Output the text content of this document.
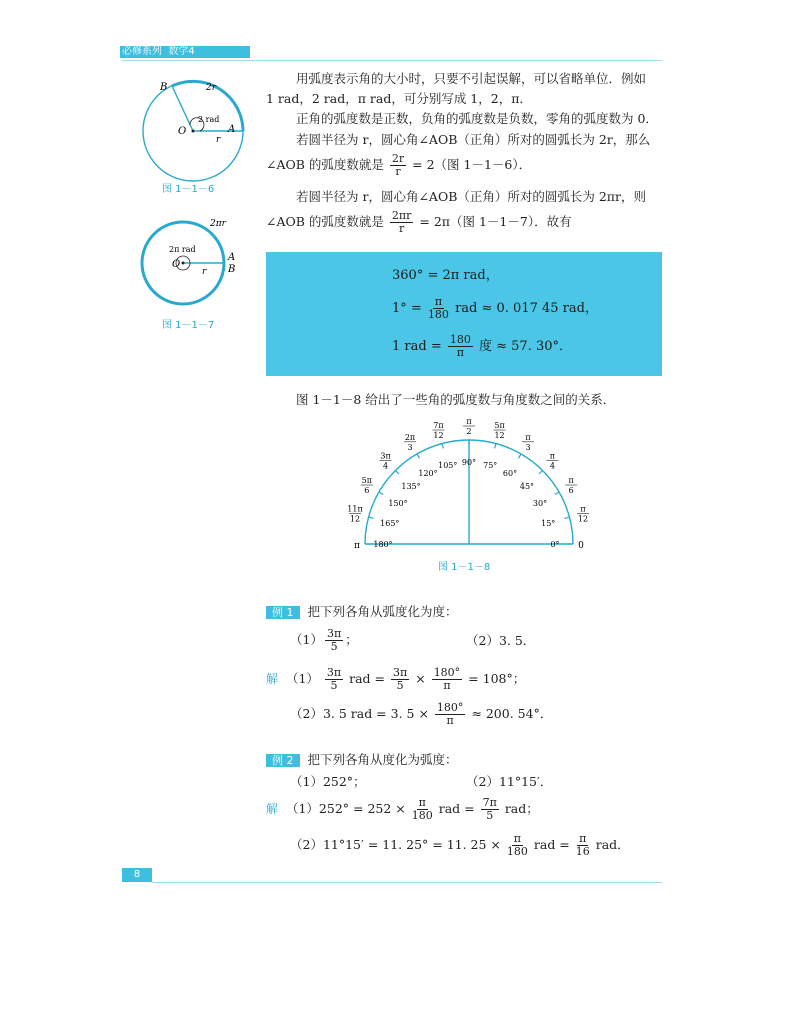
必修系列 数学4
B
A
O
2r
r
2 rad
图 1－1－6
2πr
2π rad
O
r
A
B
图 1－1－7
用弧度表示角的大小时，只要不引起误解，可以省略单位．例如
1 rad，2 rad，π rad，可分别写成 1，2，π．
正角的弧度数是正数，负角的弧度数是负数，零角的弧度数为 0．
若圆半径为 r，圆心角∠AOB（正角）所对的圆弧长为 2r，那么
∠AOB 的弧度数就是 $\frac{2r}{r} = 2$（图 1－1－6）．
若圆半径为 r，圆心角∠AOB（正角）所对的圆弧长为 2πr，则
∠AOB 的弧度数就是 $\frac{2\pi r}{r} = 2\pi$（图 1－1－7）．故有
360° = 2π rad，
$1^\circ = \frac{\pi}{180}$ rad ≈ 0. 017 45 rad，
1 rad = $\frac{180}{\pi}$ 度 ≈ 57. 30°．
图 1－1－8 给出了一些角的弧度数与角度数之间的关系．
0° 0
15°
π
12
30°
π
6
45°
π
4
60°
π
3
75°
5π
12
90°
π
2
105°
7π
12
120°
2π
3
135°
3π
4
150°
5π
6
165°
11π
12
180°
π
图 1－1－8
例 1 把下列各角从弧度化为度：
$(1) \frac{3\pi}{5}$ ；	（2）3. 5．
解 $(1) \frac{3\pi}{5}$ rad = $\frac{3\pi}{5} \times \frac{180^\circ}{\pi} = 108^\circ$；
（2）3. 5 rad = 3. $5 \times \frac{180^\circ}{\pi} \approx 200$. 54°．
例 2 把下列各角从度化为弧度：
（1）252°；	（2）11°15′．
解 $(1)252^\circ = 252 \times \frac{\pi}{180}$ rad = $\frac{7\pi}{5}$ rad；
（2）11°15′ = 11. 25° = 11. $25 \times \frac{\pi}{180}$ rad = $\frac{\pi}{16}$ rad．
8
